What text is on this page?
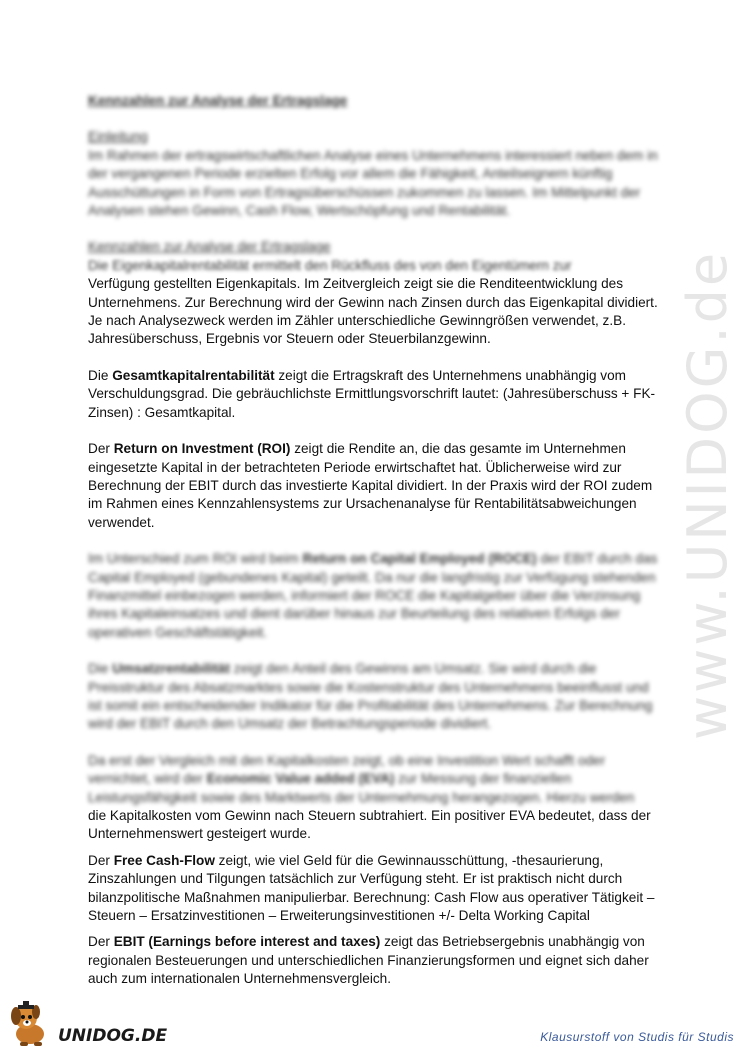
www.UNIDOG.de
Kennzahlen zur Analyse der Ertragslage

Einleitung

Im Rahmen der ertragswirtschaftlichen Analyse eines Unternehmens interessiert neben dem in der vergangenen Periode erzielten Erfolg vor allem die Fähigkeit, Anteilseignern künftig Ausschüttungen in Form von Ertragsüberschüssen zukommen zu lassen. Im Mittelpunkt der Analysen stehen Gewinn, Cash Flow, Wertschöpfung und Rentabilität.

Kennzahlen zur Analyse der Ertragslage

Die Eigenkapitalrentabilität ermittelt den Rückfluss des von den Eigentümern zur

Verfügung gestellten Eigenkapitals. Im Zeitvergleich zeigt sie die Renditeentwicklung des Unternehmens. Zur Berechnung wird der Gewinn nach Zinsen durch das Eigenkapital dividiert. Je nach Analysezweck werden im Zähler unterschiedliche Gewinngrößen verwendet, z.B. Jahresüberschuss, Ergebnis vor Steuern oder Steuerbilanzgewinn.

Die Gesamtkapitalrentabilität zeigt die Ertragskraft des Unternehmens unabhängig vom Verschuldungsgrad. Die gebräuchlichste Ermittlungsvorschrift lautet: (Jahresüberschuss + FK-Zinsen) : Gesamtkapital.

Der Return on Investment (ROI) zeigt die Rendite an, die das gesamte im Unternehmen eingesetzte Kapital in der betrachteten Periode erwirtschaftet hat. Üblicherweise wird zur Berechnung der EBIT durch das investierte Kapital dividiert. In der Praxis wird der ROI zudem im Rahmen eines Kennzahlensystems zur Ursachenanalyse für Rentabilitätsabweichungen verwendet.

Im Unterschied zum ROI wird beim Return on Capital Employed (ROCE) der EBIT durch das Capital Employed (gebundenes Kapital) geteilt. Da nur die langfristig zur Verfügung stehenden Finanzmittel einbezogen werden, informiert der ROCE die Kapitalgeber über die Verzinsung ihres Kapitaleinsatzes und dient darüber hinaus zur Beurteilung des relativen Erfolgs der operativen Geschäftstätigkeit.

Die Umsatzrentabilität zeigt den Anteil des Gewinns am Umsatz. Sie wird durch die Preisstruktur des Absatzmarktes sowie die Kostenstruktur des Unternehmens beeinflusst und ist somit ein entscheidender Indikator für die Profitabilität des Unternehmens. Zur Berechnung wird der EBIT durch den Umsatz der Betrachtungsperiode dividiert.

Da erst der Vergleich mit den Kapitalkosten zeigt, ob eine Investition Wert schafft oder vernichtet, wird der Economic Value added (EVA) zur Messung der finanziellen Leistungsfähigkeit sowie des Marktwerts der Unternehmung herangezogen. Hierzu werden

die Kapitalkosten vom Gewinn nach Steuern subtrahiert. Ein positiver EVA bedeutet, dass der Unternehmenswert gesteigert wurde.

Der Free Cash-Flow zeigt, wie viel Geld für die Gewinnausschüttung, -thesaurierung, Zinszahlungen und Tilgungen tatsächlich zur Verfügung steht. Er ist praktisch nicht durch bilanzpolitische Maßnahmen manipulierbar. Berechnung: Cash Flow aus operativer Tätigkeit – Steuern – Ersatzinvestitionen – Erweiterungsinvestitionen +/- Delta Working Capital

Der EBIT (Earnings before interest and taxes) zeigt das Betriebsergebnis unabhängig von regionalen Besteuerungen und unterschiedlichen Finanzierungsformen und eignet sich daher auch zum internationalen Unternehmensvergleich.

UNIDOG.DE	Klausurstoff von Studis für Studis
